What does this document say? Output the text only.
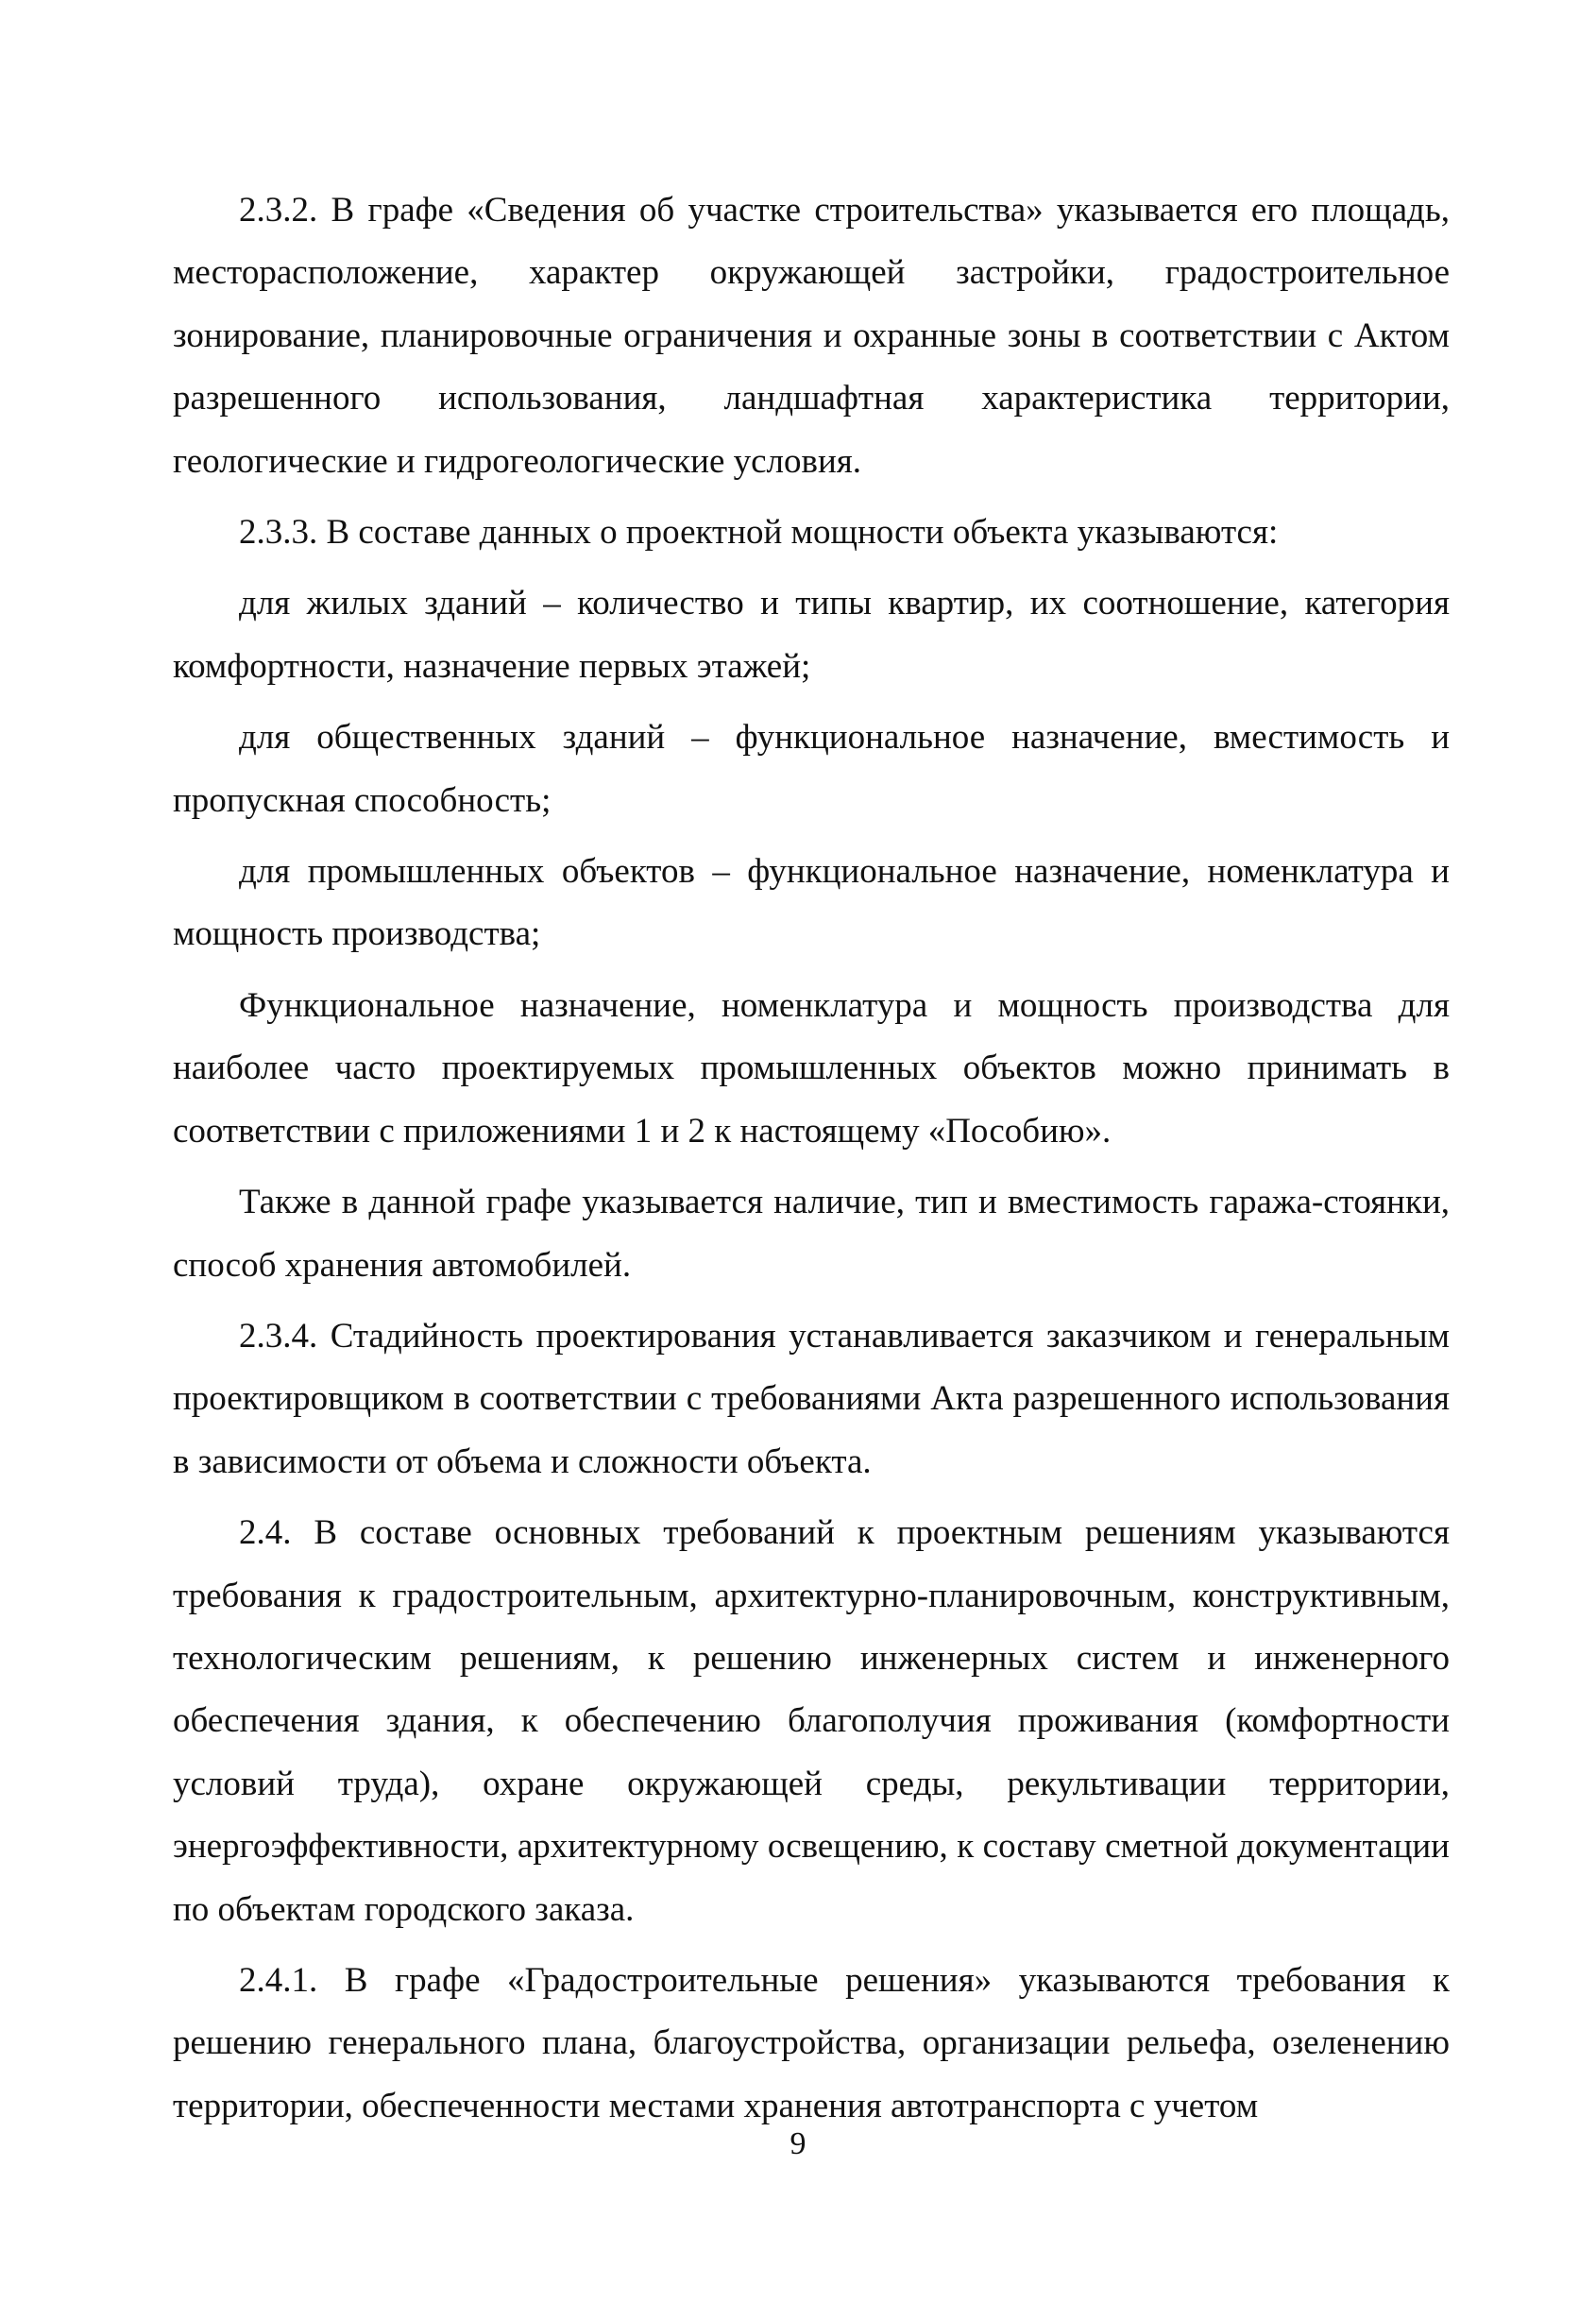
2.3.2. В графе «Сведения об участке строительства» указывается его площадь, месторасположение, характер окружающей застройки, градостроительное зонирование, планировочные ограничения и охранные зоны в соответствии с Актом разрешенного использования, ландшафтная характеристика территории, геологические и гидрогеологические условия.

2.3.3. В составе данных о проектной мощности объекта указываются:

для жилых зданий – количество и типы квартир, их соотношение, категория комфортности, назначение первых этажей;

для общественных зданий – функциональное назначение, вместимость и пропускная способность;

для промышленных объектов – функциональное назначение, номенклатура и мощность производства;

Функциональное назначение, номенклатура и мощность производства для наиболее часто проектируемых промышленных объектов можно принимать в соответствии с приложениями 1 и 2 к настоящему «Пособию».

Также в данной графе указывается наличие, тип и вместимость гаража-стоянки, способ хранения автомобилей.

2.3.4. Стадийность проектирования устанавливается заказчиком и генеральным проектировщиком в соответствии с требованиями Акта разрешенного использования в зависимости от объема и сложности объекта.

2.4. В составе основных требований к проектным решениям указываются требования к градостроительным, архитектурно-планировочным, конструктивным, технологическим решениям, к решению инженерных систем и инженерного обеспечения здания, к обеспечению благополучия проживания (комфортности условий труда), охране окружающей среды, рекультивации территории, энергоэффективности, архитектурному освещению, к составу сметной документации по объектам городского заказа.

2.4.1. В графе «Градостроительные решения» указываются требования к решению генерального плана, благоустройства, организации рельефа, озеленению территории, обеспеченности местами хранения автотранспорта с учетом

9
